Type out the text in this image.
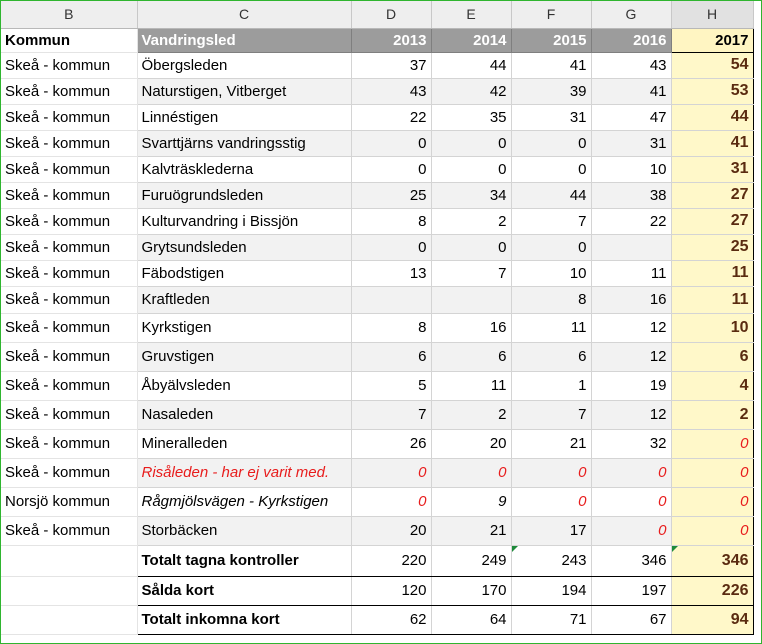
B	C	D	E	F	G	H
Kommun	Vandringsled	2013	2014	2015	2016	2017
Skeå - kommun	Öbergsleden	37	44	41	43	54
Skeå - kommun	Naturstigen, Vitberget	43	42	39	41	53
Skeå - kommun	Linnéstigen	22	35	31	47	44
Skeå - kommun	Svarttjärns vandringsstig	0	0	0	31	41
Skeå - kommun	Kalvträsklederna	0	0	0	10	31
Skeå - kommun	Furuögrundsleden	25	34	44	38	27
Skeå - kommun	Kulturvandring i Bissjön	8	2	7	22	27
Skeå - kommun	Grytsundsleden	0	0	0		25
Skeå - kommun	Fäbodstigen	13	7	10	11	11
Skeå - kommun	Kraftleden			8	16	11
Skeå - kommun	Kyrkstigen	8	16	11	12	10
Skeå - kommun	Gruvstigen	6	6	6	12	6
Skeå - kommun	Åbyälvsleden	5	11	1	19	4
Skeå - kommun	Nasaleden	7	2	7	12	2
Skeå - kommun	Mineralleden	26	20	21	32	0
Skeå - kommun	Risåleden - har ej varit med.	0	0	0	0	0
Norsjö kommun	Rågmjölsvägen - Kyrkstigen	0	9	0	0	0
Skeå - kommun	Storbäcken	20	21	17	0	0
	Totalt tagna kontroller	220	249	243	346	346
	Sålda kort	120	170	194	197	226
	Totalt inkomna kort	62	64	71	67	94
